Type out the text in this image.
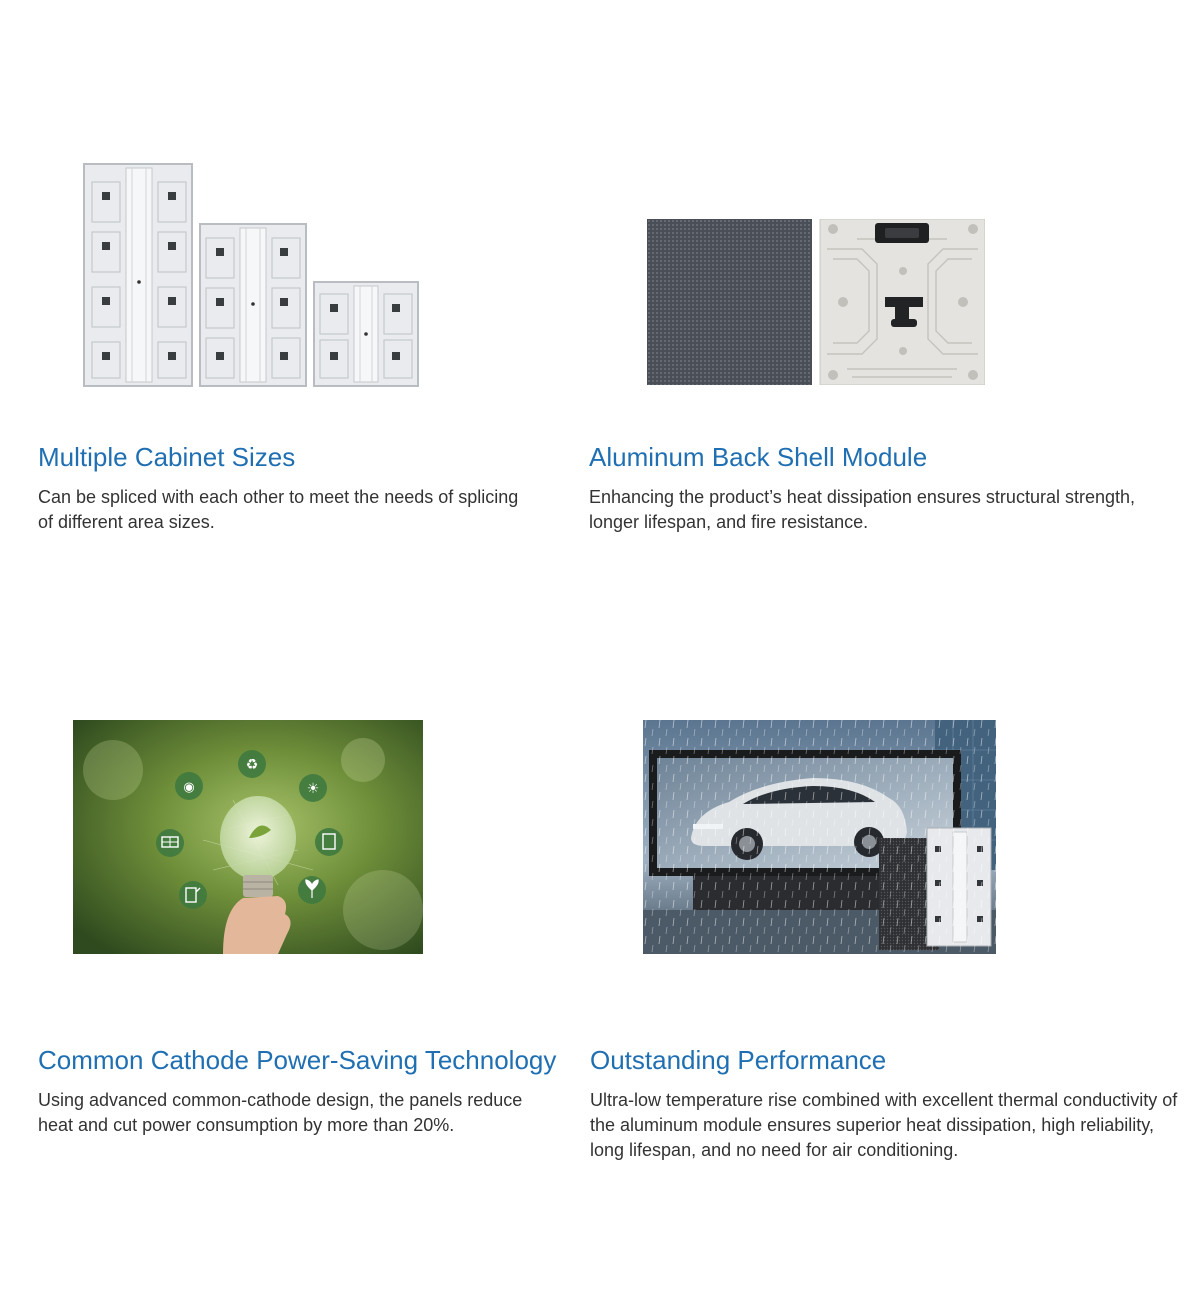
Multiple Cabinet Sizes

Can be spliced with each other to meet the needs of splicing of different area sizes.

Aluminum Back Shell Module

Enhancing the product’s heat dissipation ensures structural strength, longer lifespan, and fire resistance.

♻
◉	☀
Common Cathode Power-Saving Technology

Using advanced common-cathode design, the panels reduce heat and cut power consumption by more than 20%.

Outstanding Performance

Ultra-low temperature rise combined with excellent thermal conductivity of the aluminum module ensures superior heat dissipation, high reliability, long lifespan, and no need for air conditioning.
